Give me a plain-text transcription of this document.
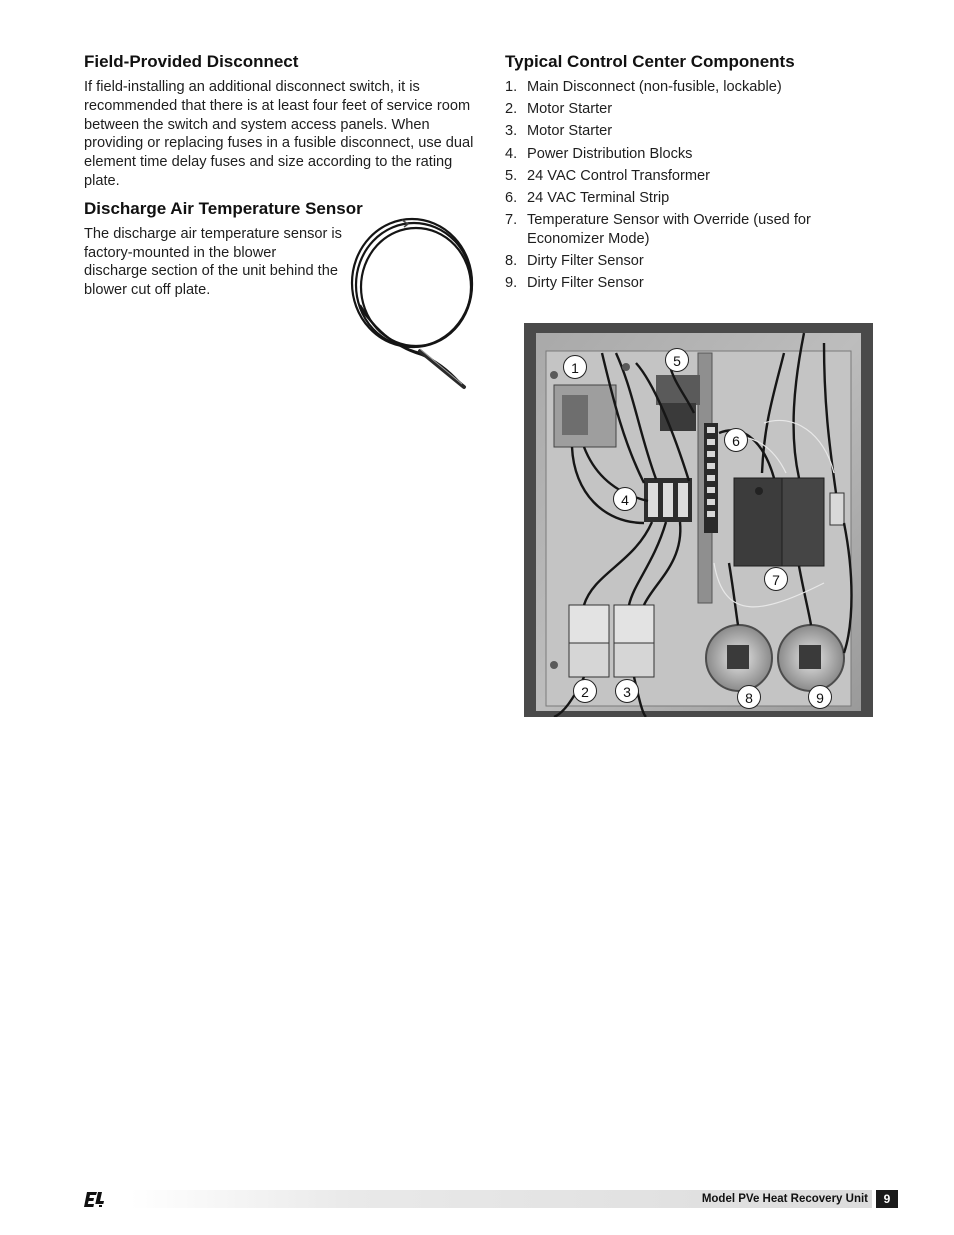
Field-Provided Disconnect

If field-installing an additional disconnect switch, it is recommended that there is at least four feet of service room between the switch and system access panels. When providing or replacing fuses in a fusible disconnect, use dual element time delay fuses and size according to the rating plate.

Discharge Air Temperature Sensor

The discharge air temperature sensor is factory-mounted in the blower discharge section of the unit behind the blower cut off plate.

Typical Control Center Components
1. Main Disconnect (non-fusible, lockable)
2. Motor Starter
3. Motor Starter
4. Power Distribution Blocks
5. 24 VAC Control Transformer
6. 24 VAC Terminal Strip
7. Temperature Sensor with Override (used for Economizer Mode)
8. Dirty Filter Sensor
9. Dirty Filter Sensor
1
2	3
4
5
6
7
8	9
Model PVe Heat Recovery Unit	9
